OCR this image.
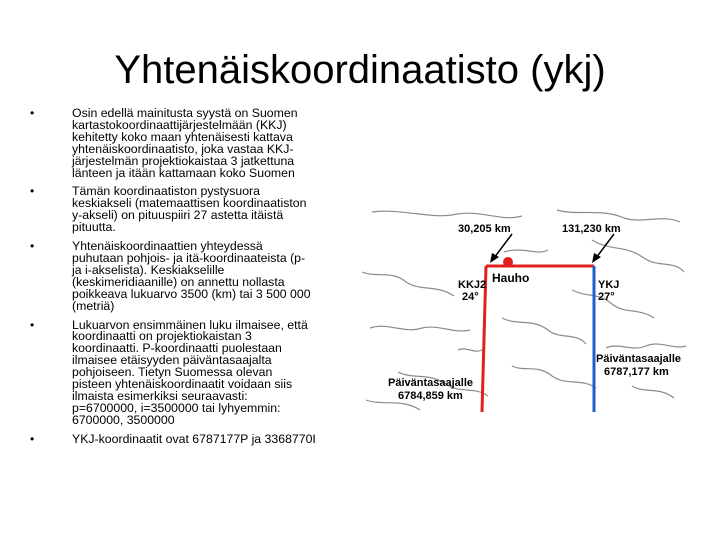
Yhtenäiskoordinaatisto (ykj)
•	Osin edellä mainitusta syystä on Suomen
kartastokoordinaattijärjestelmään (KKJ)
kehitetty koko maan yhtenäisesti kattava
yhtenäiskoordinaatisto, joka vastaa KKJ-
järjestelmän projektiokaistaa 3 jatkettuna
länteen ja itään kattamaan koko Suomen
•	Tämän koordinaatiston pystysuora
keskiakseli (matemaattisen koordinaatiston
y-akseli) on pituuspiiri 27 astetta itäistä
pituutta.
•	Yhtenäiskoordinaattien yhteydessä
puhutaan pohjois- ja itä-koordinaateista (p-
ja i-akselista). Keskiakselille
(keskimeridiaanille) on annettu nollasta
poikkeava lukuarvo 3500 (km) tai 3 500 000
(metriä)
•	Lukuarvon ensimmäinen luku ilmaisee, että
koordinaatti on projektiokaistan 3
koordinaatti. P-koordinaatti puolestaan
ilmaisee etäisyyden päiväntasaajalta
pohjoiseen. Tietyn Suomessa olevan
pisteen yhtenäiskoordinaatit voidaan siis
ilmaista esimerkiksi seuraavasti:
p=6700000, i=3500000 tai lyhyemmin:
6700000, 3500000
•	YKJ-koordinaatit ovat 6787177P ja 3368770I
30,205 km	131,230 km
Hauho
KKJ2
24°
YKJ
27°
Päiväntasaajalle
6784,859 km
Päiväntasaajalle
6787,177 km
